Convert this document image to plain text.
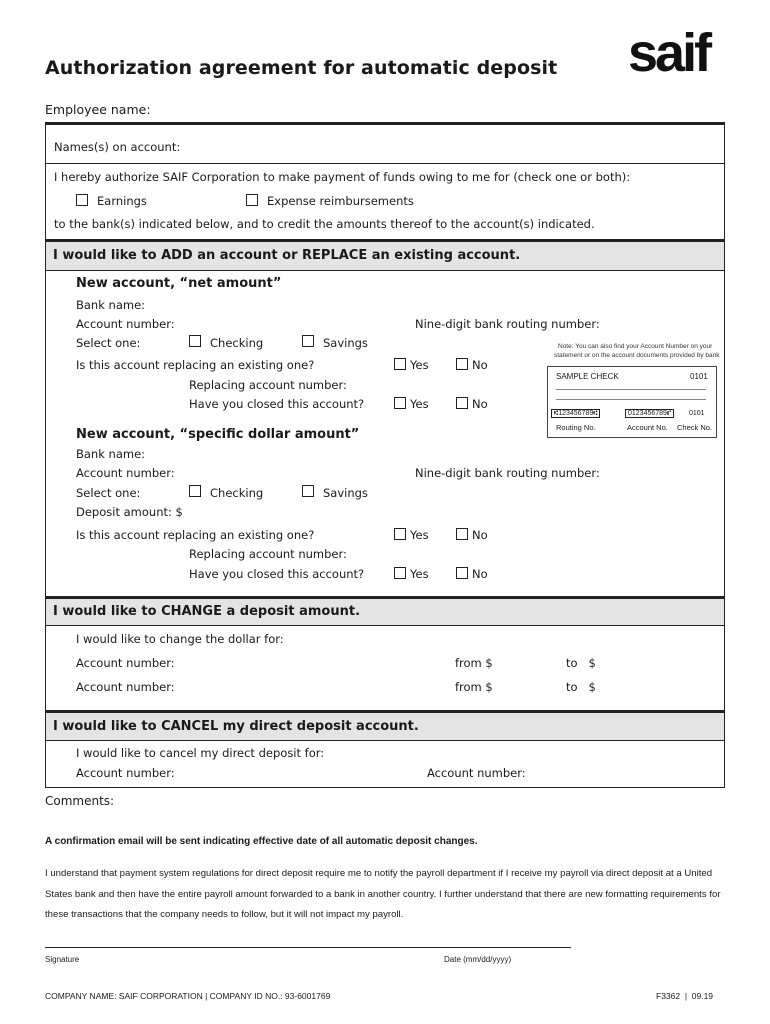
Authorization agreement for automatic deposit saif
Employee name:
Names(s) on account:
I hereby authorize SAIF Corporation to make payment of funds owing to me for (check one or both):
Earnings	Expense reimbursements
to the bank(s) indicated below, and to credit the amounts thereof to the account(s) indicated.
I would like to ADD an account or REPLACE an existing account.
New account, “net amount”
Bank name:
Account number:	Nine-digit bank routing number:
Select one:	Checking	Savings
Is this account replacing an existing one?	Yes	No
Replacing account number:
Have you closed this account?	Yes	No
New account, “specific dollar amount”
Bank name:
Account number:	Nine-digit bank routing number:
Select one:	Checking	Savings
Deposit amount: $
Is this account replacing an existing one?	Yes	No
Replacing account number:
Have you closed this account?	Yes	No
I would like to CHANGE a deposit amount.
I would like to change the dollar for:
Account number:	from $	to   $
Account number:	from $	to   $
I would like to CANCEL my direct deposit account.
I would like to cancel my direct deposit for:
Account number:	Account number:
Note: You can also find your Account Number on your
statement or on the account documents provided by bank
SAMPLE CHECK	0101
⑆123456789⑆	0123456789⑈	0101
Routing No.	Account No. Check No.
Comments:
A confirmation email will be sent indicating effective date of all automatic deposit changes.
I understand that payment system regulations for direct deposit require me to notify the payroll department if I receive my payroll via direct deposit at a United States bank and then have the entire payroll amount forwarded to a bank in another country. I further understand that there are new formatting requirements for these transactions that the company needs to follow, but it will not impact my payroll.
Signature	Date (mm/dd/yyyy)
COMPANY NAME: SAIF CORPORATION | COMPANY ID NO.: 93-6001769	F3362  |  09.19
